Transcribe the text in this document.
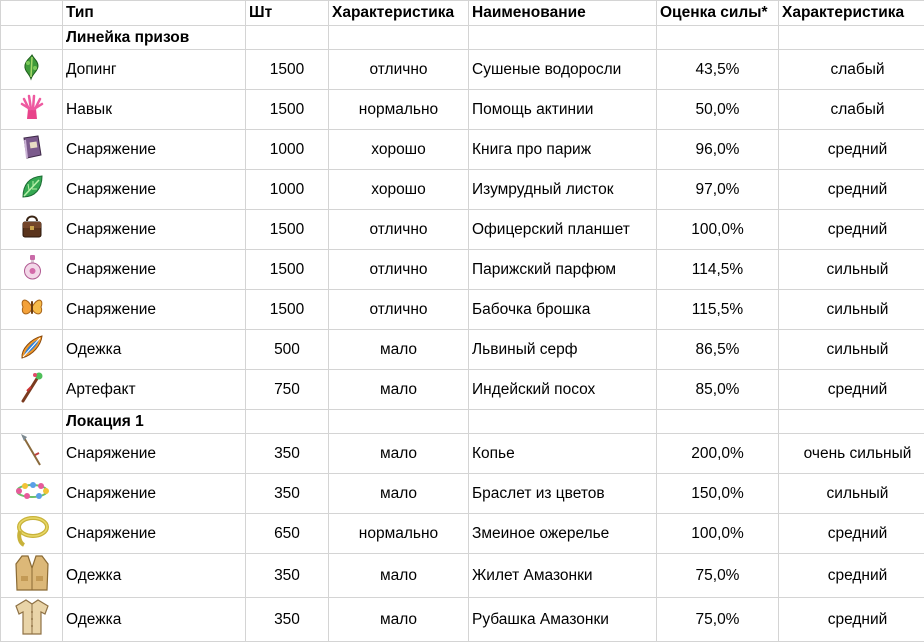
	Тип	Шт	Характеристика	Наименование	Оценка силы*	Характеристика
	Линейка призов					
	Допинг	1500	отлично	Сушеные водоросли	43,5%	слабый
	Навык	1500	нормально	Помощь актинии	50,0%	слабый
	Снаряжение	1000	хорошо	Книга про париж	96,0%	средний
	Снаряжение	1000	хорошо	Изумрудный листок	97,0%	средний
	Снаряжение	1500	отлично	Офицерский планшет	100,0%	средний
	Снаряжение	1500	отлично	Парижский парфюм	114,5%	сильный
	Снаряжение	1500	отлично	Бабочка брошка	115,5%	сильный
	Одежка	500	мало	Львиный серф	86,5%	сильный
	Артефакт	750	мало	Индейский посох	85,0%	средний
	Локация 1					
	Снаряжение	350	мало	Копье	200,0%	очень сильный
	Снаряжение	350	мало	Браслет из цветов	150,0%	сильный
	Снаряжение	650	нормально	Змеиное ожерелье	100,0%	средний
	Одежка	350	мало	Жилет Амазонки	75,0%	средний
	Одежка	350	мало	Рубашка Амазонки	75,0%	средний
